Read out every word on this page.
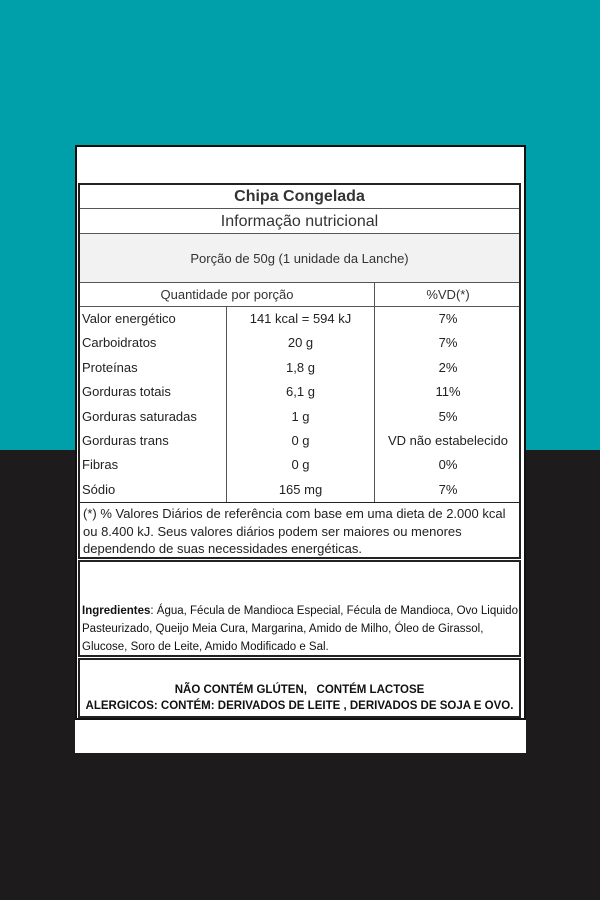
Chipa Congelada
Informação nutricional
Porção de 50g (1 unidade da Lanche)
Quantidade por porção	%VD(*)
Valor energético	141 kcal = 594 kJ	7%
Carboidratos	20 g	7%
Proteínas	1,8 g	2%
Gorduras totais	6,1 g	11%
Gorduras saturadas	1 g	5%
Gorduras trans	0 g	VD não estabelecido
Fibras	0 g	0%
Sódio	165 mg	7%
(*) % Valores Diários de referência com base em uma dieta de 2.000 kcal ou 8.400 kJ. Seus valores diários podem ser maiores ou menores dependendo de suas necessidades energéticas.
Ingredientes: Água, Fécula de Mandioca Especial, Fécula de Mandioca, Ovo Liquido Pasteurizado, Queijo Meia Cura, Margarina, Amido de Milho, Óleo de Girassol, Glucose, Soro de Leite, Amido Modificado e Sal.
NÃO CONTÉM GLÚTEN,   CONTÉM LACTOSE
ALERGICOS: CONTÉM: DERIVADOS DE LEITE , DERIVADOS DE SOJA E OVO.
